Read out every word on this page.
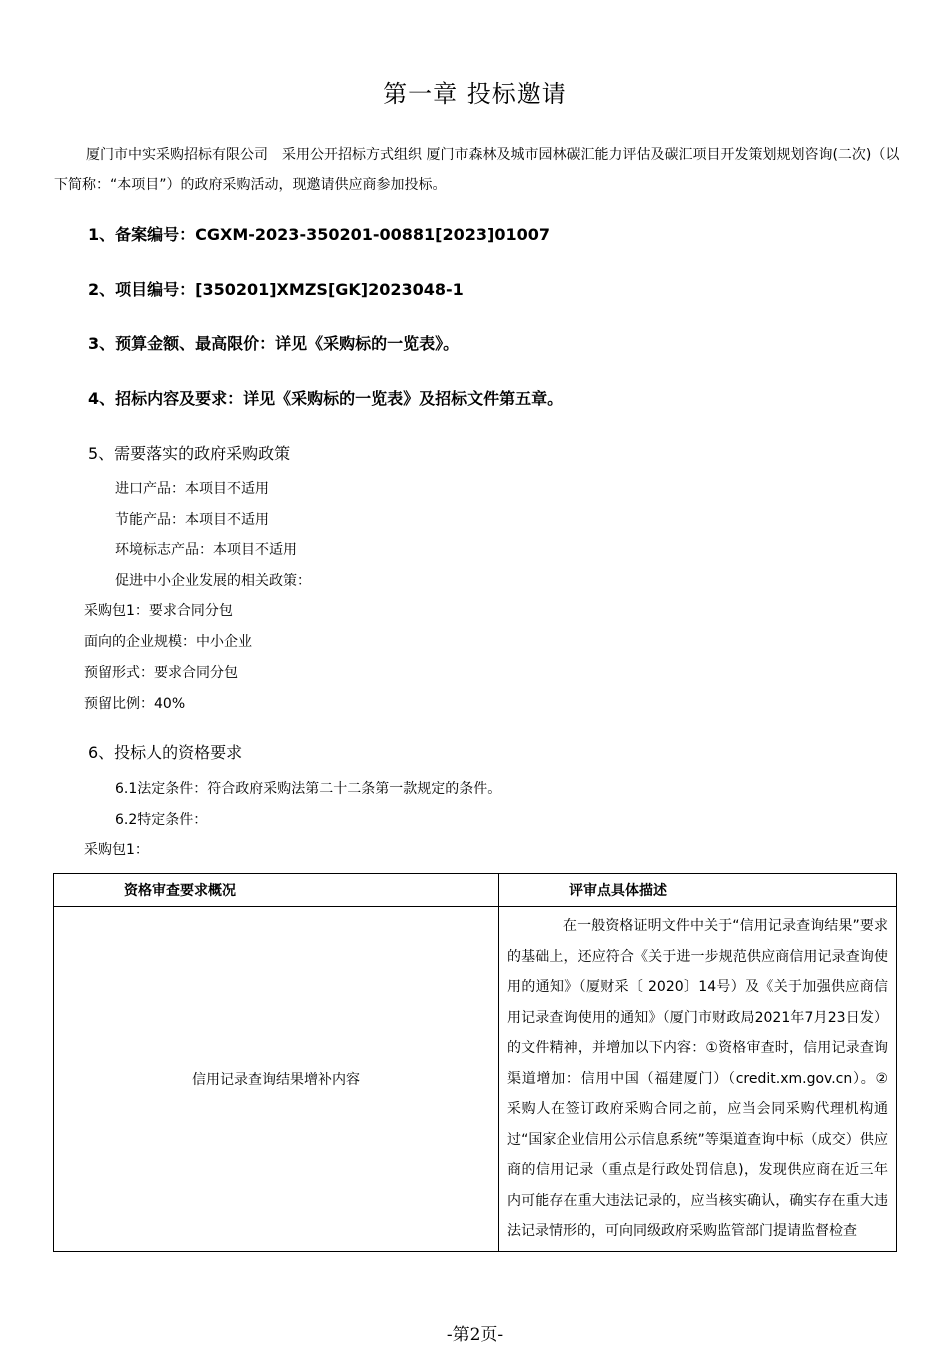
第一章 投标邀请
厦门市中实采购招标有限公司　采用公开招标方式组织 厦门市森林及城市园林碳汇能力评估及碳汇项目开发策划规划咨询(二次)（以下简称：“本项目”）的政府采购活动，现邀请供应商参加投标。
1、备案编号：CGXM-2023-350201-00881[2023]01007
2、项目编号：[350201]XMZS[GK]2023048-1
3、预算金额、最高限价：详见《采购标的一览表》。
4、招标内容及要求：详见《采购标的一览表》及招标文件第五章。
5、需要落实的政府采购政策
进口产品：本项目不适用
节能产品：本项目不适用
环境标志产品：本项目不适用
促进中小企业发展的相关政策：
采购包1：要求合同分包
面向的企业规模：中小企业
预留形式：要求合同分包
预留比例：40%
6、投标人的资格要求
6.1法定条件：符合政府采购法第二十二条第一款规定的条件。
6.2特定条件：
采购包1：
资格审查要求概况	评审点具体描述
信用记录查询结果增补内容	在一般资格证明文件中关于“信用记录查询结果”要求的基础上，还应符合《关于进一步规范供应商信用记录查询使用的通知》（厦财采〔 2020〕14号）及《关于加强供应商信用记录查询使用的通知》（厦门市财政局2021年7月23日发）的文件精神，并增加以下内容：①资格审查时，信用记录查询渠道增加：信用中国（福建厦门）（credit.xm.gov.cn）。②采购人在签订政府采购合同之前，应当会同采购代理机构通过“国家企业信用公示信息系统”等渠道查询中标（成交）供应商的信用记录（重点是行政处罚信息)，发现供应商在近三年内可能存在重大违法记录的，应当核实确认，确实存在重大违法记录情形的，可向同级政府采购监管部门提请监督检查
-第2页-
